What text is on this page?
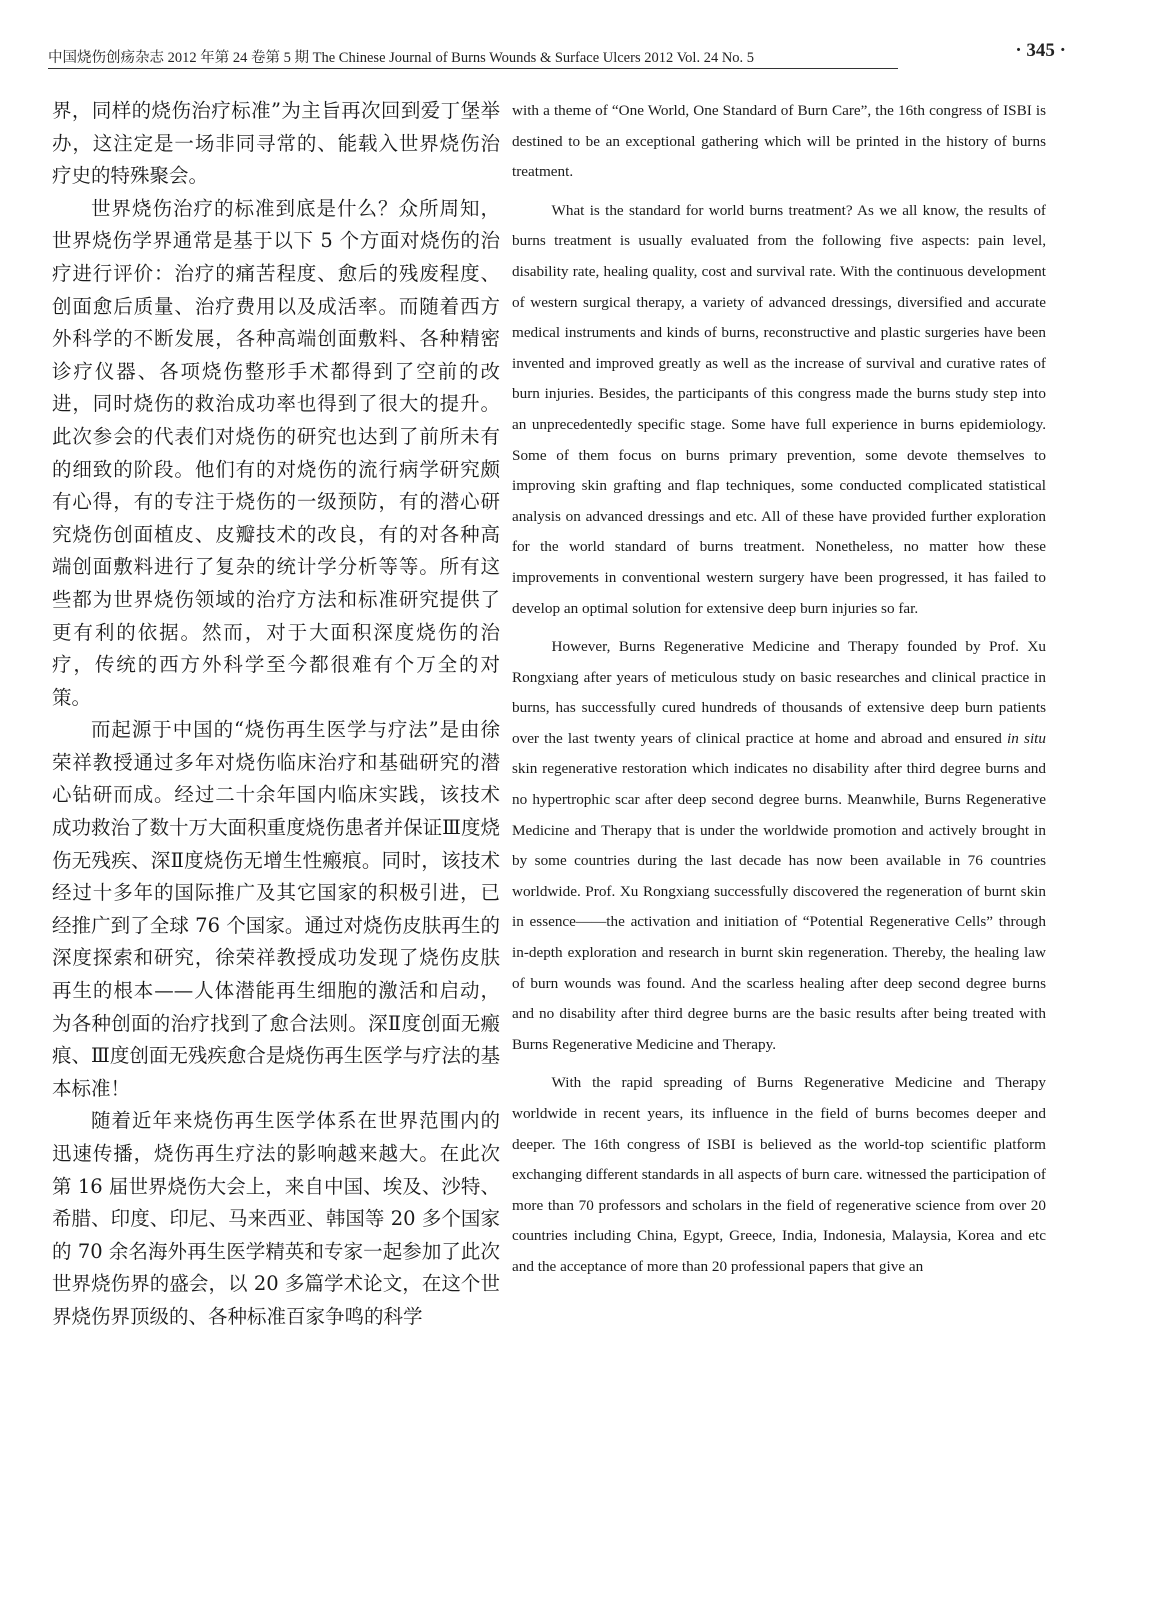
中国烧伤创疡杂志 2012 年第 24 卷第 5 期 The Chinese Journal of Burns Wounds & Surface Ulcers 2012 Vol. 24 No. 5	· 345 ·

界，同样的烧伤治疗标准”为主旨再次回到爱丁堡举办，这注定是一场非同寻常的、能载入世界烧伤治疗史的特殊聚会。

世界烧伤治疗的标准到底是什么？众所周知，世界烧伤学界通常是基于以下 5 个方面对烧伤的治疗进行评价：治疗的痛苦程度、愈后的残废程度、创面愈后质量、治疗费用以及成活率。而随着西方外科学的不断发展，各种高端创面敷料、各种精密诊疗仪器、各项烧伤整形手术都得到了空前的改进，同时烧伤的救治成功率也得到了很大的提升。此次参会的代表们对烧伤的研究也达到了前所未有的细致的阶段。他们有的对烧伤的流行病学研究颇有心得，有的专注于烧伤的一级预防，有的潜心研究烧伤创面植皮、皮瓣技术的改良，有的对各种高端创面敷料进行了复杂的统计学分析等等。所有这些都为世界烧伤领域的治疗方法和标准研究提供了更有利的依据。然而，对于大面积深度烧伤的治疗，传统的西方外科学至今都很难有个万全的对策。

而起源于中国的“烧伤再生医学与疗法”是由徐荣祥教授通过多年对烧伤临床治疗和基础研究的潜心钻研而成。经过二十余年国内临床实践，该技术成功救治了数十万大面积重度烧伤患者并保证Ⅲ度烧伤无残疾、深Ⅱ度烧伤无增生性瘢痕。同时，该技术经过十多年的国际推广及其它国家的积极引进，已经推广到了全球 76 个国家。通过对烧伤皮肤再生的深度探索和研究，徐荣祥教授成功发现了烧伤皮肤再生的根本——人体潜能再生细胞的激活和启动，为各种创面的治疗找到了愈合法则。深Ⅱ度创面无瘢痕、Ⅲ度创面无残疾愈合是烧伤再生医学与疗法的基本标准！

随着近年来烧伤再生医学体系在世界范围内的迅速传播，烧伤再生疗法的影响越来越大。在此次第 16 届世界烧伤大会上，来自中国、埃及、沙特、希腊、印度、印尼、马来西亚、韩国等 20 多个国家的 70 余名海外再生医学精英和专家一起参加了此次世界烧伤界的盛会，以 20 多篇学术论文，在这个世界烧伤界顶级的、各种标准百家争鸣的科学

with a theme of “One World, One Standard of Burn Care”, the 16th congress of ISBI is destined to be an exceptional gathering which will be printed in the history of burns treatment.

What is the standard for world burns treatment? As we all know, the results of burns treatment is usually evaluated from the following five aspects: pain level, disability rate, healing quality, cost and survival rate. With the continuous development of western surgical therapy, a variety of advanced dressings, diversified and accurate medical instruments and kinds of burns, reconstructive and plastic surgeries have been invented and improved greatly as well as the increase of survival and curative rates of burn injuries. Besides, the participants of this congress made the burns study step into an unprecedentedly specific stage. Some have full experience in burns epidemiology. Some of them focus on burns primary prevention, some devote themselves to improving skin grafting and flap techniques, some conducted complicated statistical analysis on advanced dressings and etc. All of these have provided further exploration for the world standard of burns treatment. Nonetheless, no matter how these improvements in conventional western surgery have been progressed, it has failed to develop an optimal solution for extensive deep burn injuries so far.

However, Burns Regenerative Medicine and Therapy founded by Prof. Xu Rongxiang after years of meticulous study on basic researches and clinical practice in burns, has successfully cured hundreds of thousands of extensive deep burn patients over the last twenty years of clinical practice at home and abroad and ensured in situ skin regenerative restoration which indicates no disability after third degree burns and no hypertrophic scar after deep second degree burns. Meanwhile, Burns Regenerative Medicine and Therapy that is under the worldwide promotion and actively brought in by some countries during the last decade has now been available in 76 countries worldwide. Prof. Xu Rongxiang successfully discovered the regeneration of burnt skin in essence——the activation and initiation of “Potential Regenerative Cells” through in-depth exploration and research in burnt skin regeneration. Thereby, the healing law of burn wounds was found. And the scarless healing after deep second degree burns and no disability after third degree burns are the basic results after being treated with Burns Regenerative Medicine and Therapy.

With the rapid spreading of Burns Regenerative Medicine and Therapy worldwide in recent years, its influence in the field of burns becomes deeper and deeper. The 16th congress of ISBI is believed as the world-top scientific platform exchanging different standards in all aspects of burn care. witnessed the participation of more than 70 professors and scholars in the field of regenerative science from over 20 countries including China, Egypt, Greece, India, Indonesia, Malaysia, Korea and etc and the acceptance of more than 20 professional papers that give an
